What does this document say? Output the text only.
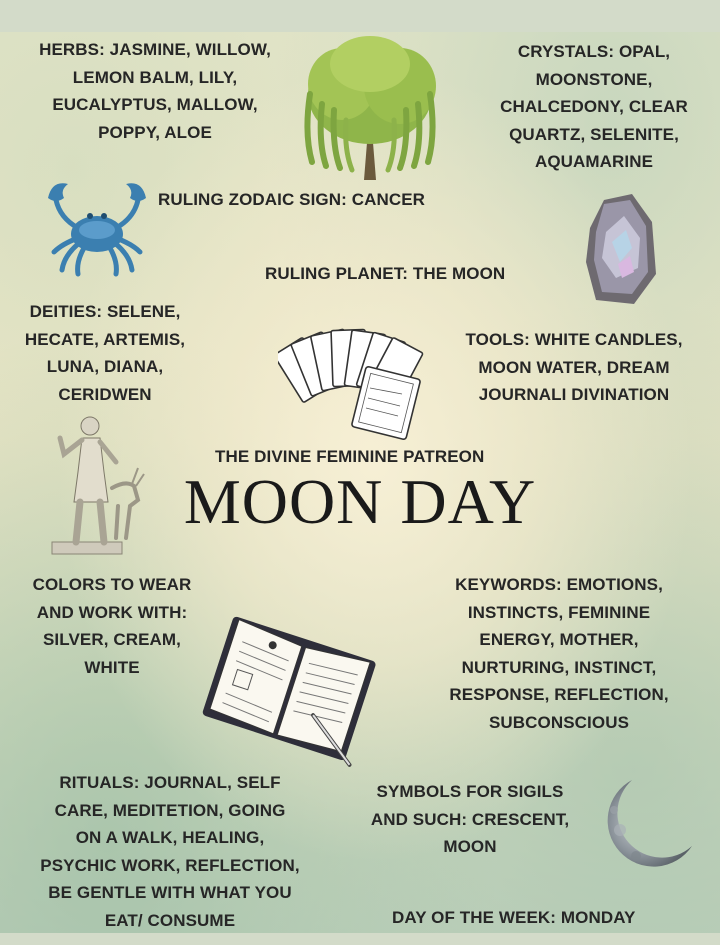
HERBS: JASMINE, WILLOW,
LEMON BALM, LILY,
EUCALYPTUS, MALLOW,
POPPY, ALOE

CRYSTALS: OPAL,
MOONSTONE,
CHALCEDONY, CLEAR
QUARTZ, SELENITE,
AQUAMARINE

RULING ZODAIC SIGN: CANCER

RULING PLANET: THE MOON

DEITIES: SELENE,
HECATE, ARTEMIS,
LUNA, DIANA,
CERIDWEN

TOOLS: WHITE CANDLES,
MOON WATER, DREAM
JOURNALI DIVINATION

THE DIVINE FEMININE PATREON

MOON DAY

COLORS TO WEAR
AND WORK WITH:
SILVER, CREAM,
WHITE

KEYWORDS: EMOTIONS,
INSTINCTS, FEMININE
ENERGY, MOTHER,
NURTURING, INSTINCT,
RESPONSE, REFLECTION,
SUBCONSCIOUS

RITUALS: JOURNAL, SELF
CARE, MEDITETION, GOING
ON A WALK, HEALING,
PSYCHIC WORK, REFLECTION,
BE GENTLE WITH WHAT YOU
EAT/ CONSUME

SYMBOLS FOR SIGILS
AND SUCH: CRESCENT,
MOON

DAY OF THE WEEK: MONDAY
